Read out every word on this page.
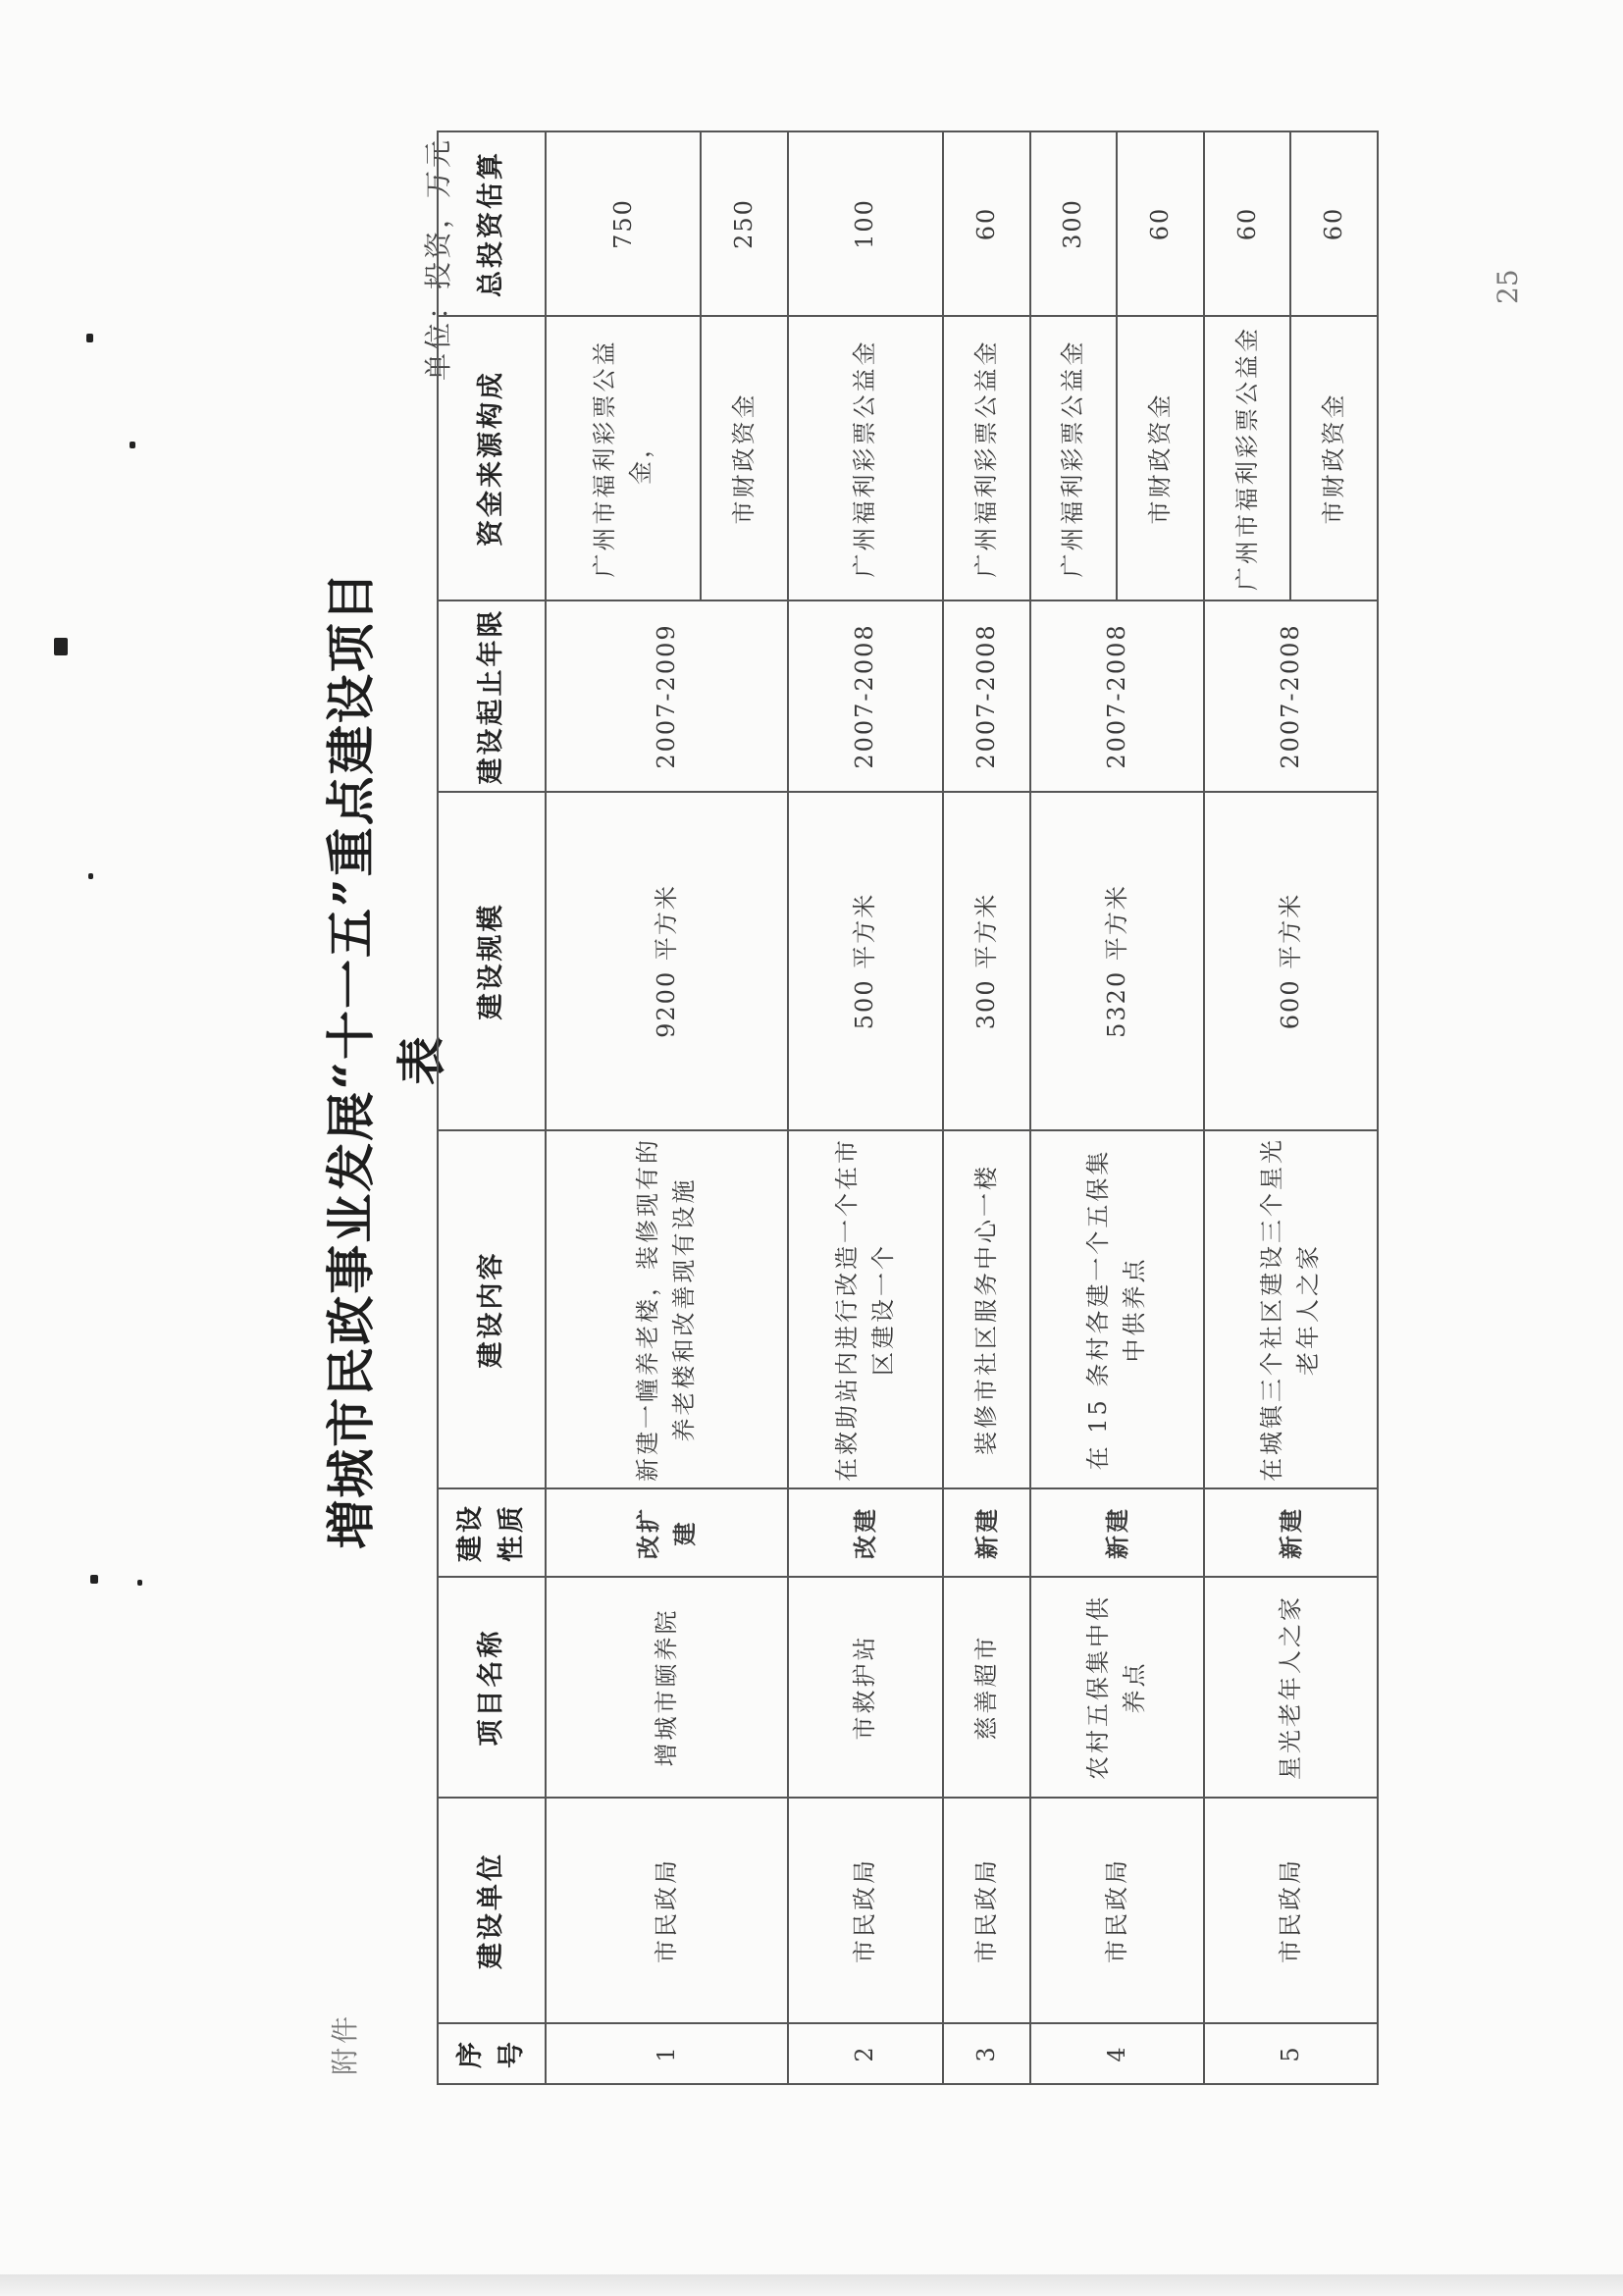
附件
増城市民政事业发展“十一五”重点建设项目表
单位：投资，万元
序号	建设单位	项目名称	建设性质	建设内容	建设规模	建设起止年限	资金来源构成	总投资估算
1	市民政局	增城市颐养院	改扩建	新建一幢养老楼，装修现有的养老楼和改善现有设施	9200 平方米	2007-2009	广州市福利彩票公益金，	750
							市财政资金	250
2	市民政局	市救护站	改建	在救助站内进行改造一个在市区建设一个	500 平方米	2007-2008	广州福利彩票公益金	100
3	市民政局	慈善超市	新建	装修市社区服务中心一楼	300 平方米	2007-2008	广州福利彩票公益金	60
4	市民政局	农村五保集中供养点	新建	在 15 条村各建一个五保集中供养点	5320 平方米	2007-2008	广州福利彩票公益金	300
							市财政资金	60
5	市民政局	星光老年人之家	新建	在城镇三个社区建设三个星光老年人之家	600 平方米	2007-2008	广州市福利彩票公益金	60
							市财政资金	60
25
